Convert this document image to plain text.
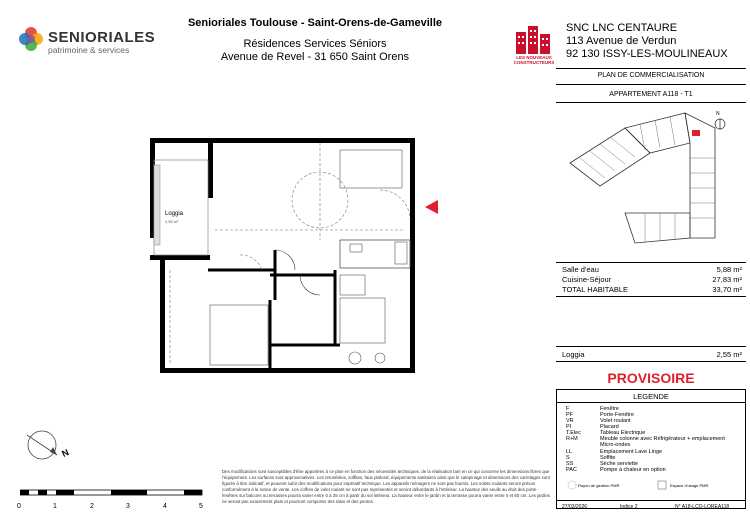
SENIORIALES
patrimoine & services
Senioriales Toulouse - Saint-Orens-de-Gameville
Résidences Services Séniors
Avenue de Revel - 31 650 Saint Orens	LES NOUVEAUX CONSTRUCTEURS
SNC LNC CENTAURE
113 Avenue de Verdun
92 130 ISSY-LES-MOULINEAUX
Loggia
2,55 m²
N
0	1	2	3	4	5
Des modifications sont susceptibles d'être apportées à ce plan en fonction des nécessités techniques, de la réalisation tant en ce qui concerne les dimensions libres que l'équipement. Les surfaces sont approximatives. Les retombées, soffites, faux plafond, équipements sanitaires ainsi que le calepinage et dimensions des carrelages sont figurés à titre indicatif, et peuvent subir des modifications pour impératif technique. Les appareils ménagers ne sont pas fournis. Les volets roulants seront prévus conformément à la notice de vente. Les coffres de volet roulant ne sont pas représentés et seront débordants à l'intérieur. La hauteur des seuils au droit des porte-fenêtres sur balcons ou terrasses pourra varier entre 0 à 35 cm à partir du sol intérieur. La hauteur entre le jardin et la terrasse pourra varier entre 0 et 60 cm. Les jardins ne seront pas exactement plats et pourront comporter des talus et des pentes.
PLAN DE COMMERCIALISATION
APPARTEMENT A118 - T1
N
Salle d'eau	5,88 m²
Cuisine-Séjour	27,83 m²
TOTAL HABITABLE	33,70 m²
Loggia	2,55 m²
PROVISOIRE
LEGENDE
F	Fenêtre
PF	Porte-Fenêtre
VR	Volet roulant
PI	Placard
T.Elec	Tableau Electrique
R+M	Meuble colonne avec Réfrigérateur + emplacement Micro-ondes
LL	Emplacement Lave Linge
S	Soffite
SS	Sèche serviette
PAC	Pompe à chaleur en option
Rayon de giration PMR	Espace d'usage PMR
27/03/2026	Indice 2	N° A18-LCO-LOREA118
